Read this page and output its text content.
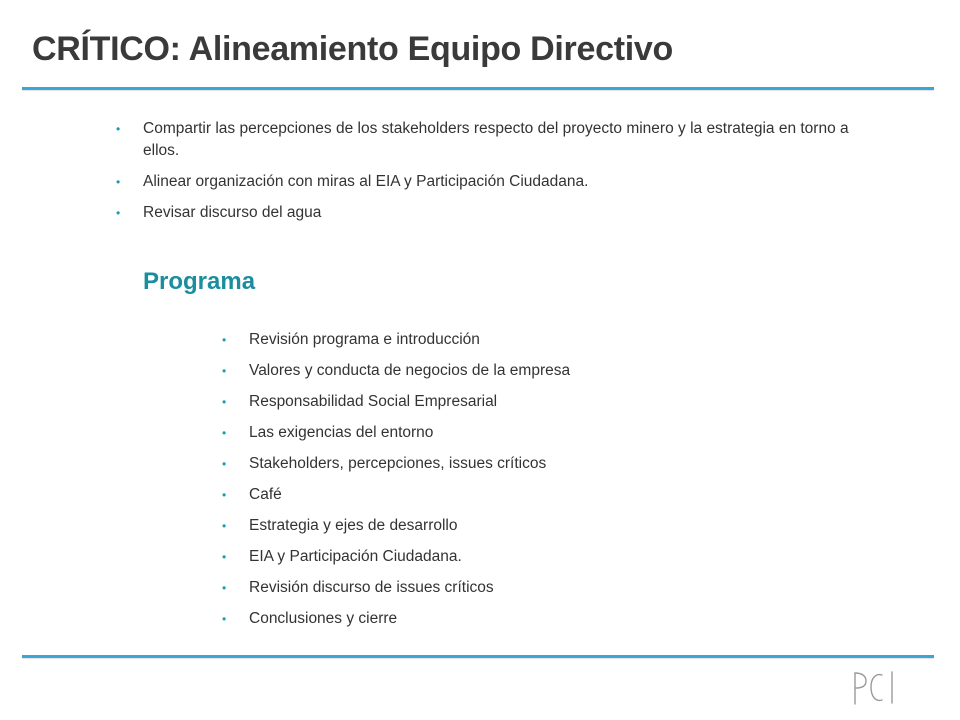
CRÍTICO: Alineamiento Equipo Directivo
• Compartir las percepciones de los stakeholders respecto del proyecto minero y la estrategia en torno a ellos.
• Alinear organización con miras al EIA y Participación Ciudadana.
• Revisar discurso del agua
Programa
• Revisión programa e introducción
• Valores y conducta de negocios de la empresa
• Responsabilidad Social Empresarial
• Las exigencias del entorno
• Stakeholders, percepciones, issues críticos
• Café
• Estrategia y ejes de desarrollo
• EIA y Participación Ciudadana.
• Revisión discurso de issues críticos
• Conclusiones y cierre
